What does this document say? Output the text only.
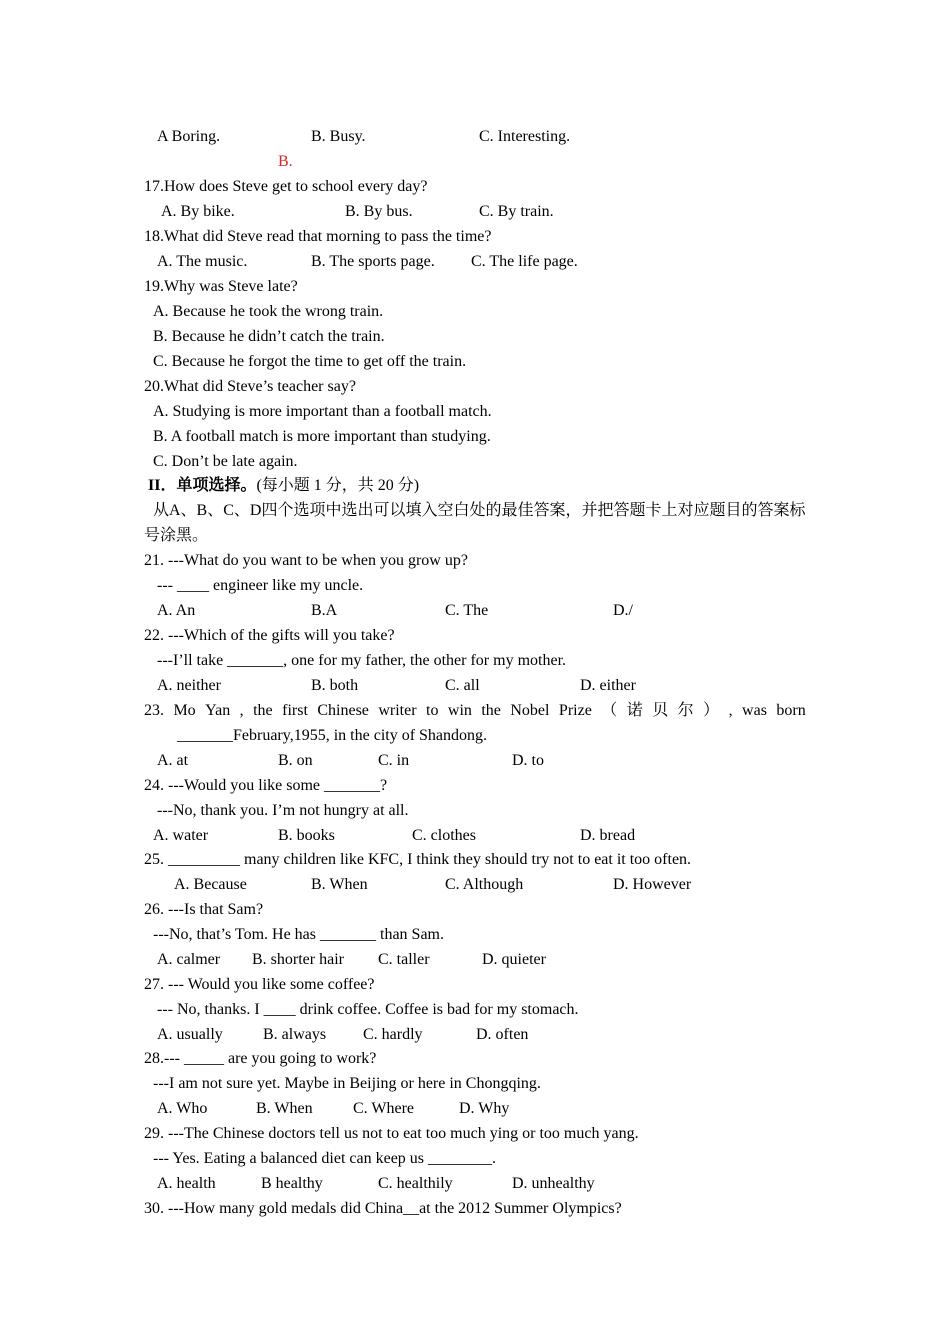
A Boring.	B. Busy.	C. Interesting.
B.
17.How does Steve get to school every day?
A. By bike.	B. By bus.	C. By train.
18.What did Steve read that morning to pass the time?
A. The music.	B. The sports page. C. The life page.
19.Why was Steve late?
A. Because he took the wrong train.
B. Because he didn’t catch the train.
C. Because he forgot the time to get off the train.
20.What did Steve’s teacher say?
A. Studying is more important than a football match.
B. A football match is more important than studying.
C. Don’t be late again.
II．单项选择。(每小题 1 分，共 20 分)
从A、B、C、D四个选项中选出可以填入空白处的最佳答案，并把答题卡上对应题目的答案标
号涂黑。
21. ---What do you want to be when you grow up?
--- ____ engineer like my uncle.
A. An	B.A	C. The	D./
22. ---Which of the gifts will you take?
---I’ll take _______, one for my father, the other for my mother.
A. neither	B. both	C. all	D. either
23. Mo Yan , the first Chinese writer to win the Nobel Prize （ 诺 贝 尔 ） , was born
_______February,1955, in the city of Shandong.
A. at	B. on	C. in	D. to
24. ---Would you like some _______?
---No, thank you. I’m not hungry at all.
A. water	B. books	C. clothes	D. bread
25. _________ many children like KFC, I think they should try not to eat it too often.
A. Because	B. When	C. Although	D. However
26. ---Is that Sam?
---No, that’s Tom. He has _______ than Sam.
A. calmer B. shorter hair C. taller	D. quieter
27. --- Would you like some coffee?
--- No, thanks. I ____ drink coffee. Coffee is bad for my stomach.
A. usually	B. always C. hardly	D. often
28.--- _____ are you going to work?
---I am not sure yet. Maybe in Beijing or here in Chongqing.
A. Who	B. When	C. Where	D. Why
29. ---The Chinese doctors tell us not to eat too much ying or too much yang.
--- Yes. Eating a balanced diet can keep us ________.
A. health	B healthy	C. healthily	D. unhealthy
30. ---How many gold medals did China__at the 2012 Summer Olympics?
